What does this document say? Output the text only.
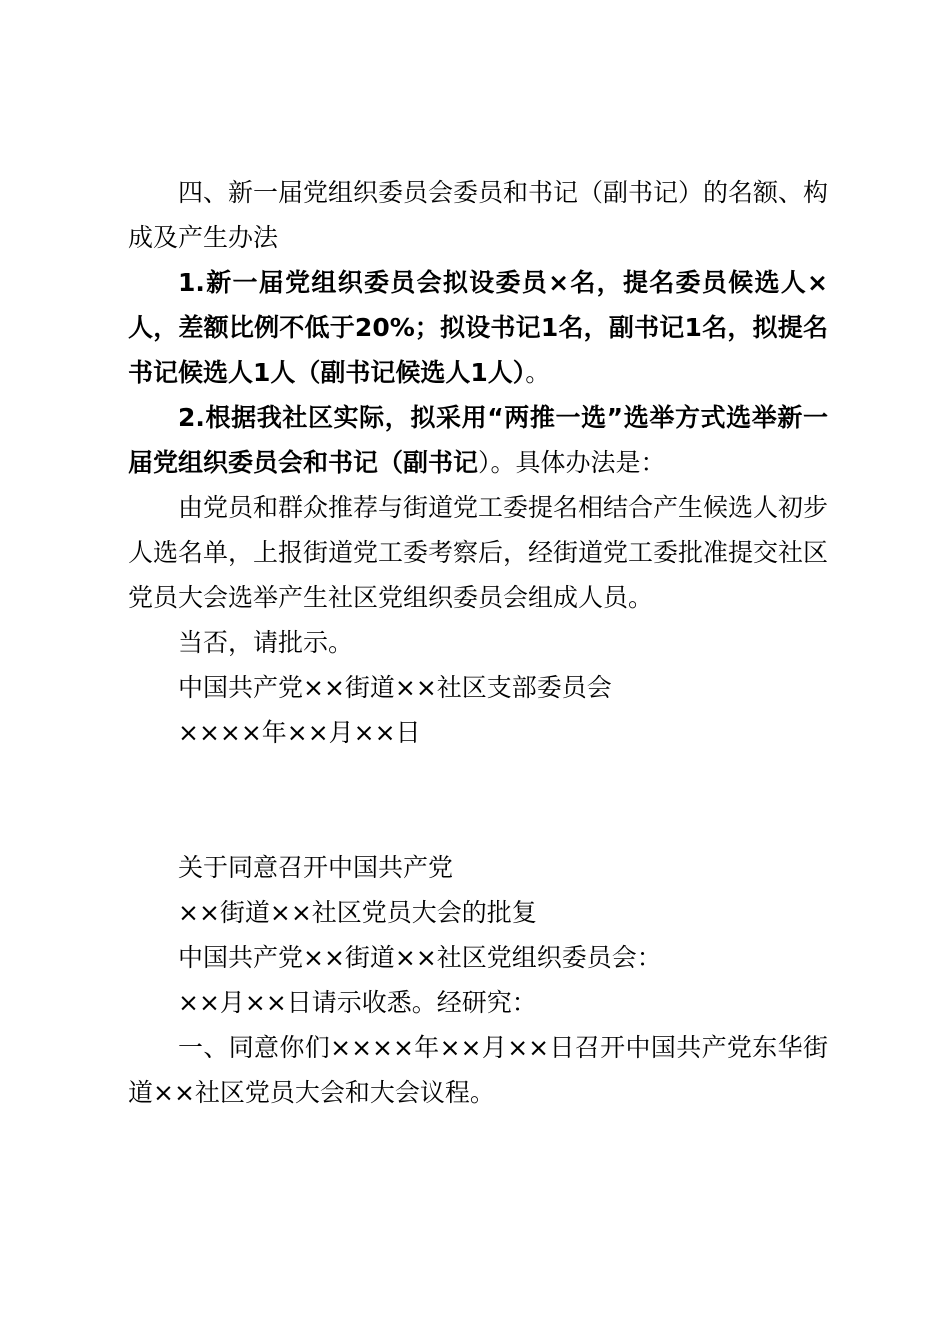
四、新一届党组织委员会委员和书记（副书记）的名额、构成及产生办法

1.新一届党组织委员会拟设委员×名，提名委员候选人×人，差额比例不低于20%；拟设书记1名，副书记1名，拟提名书记候选人1人（副书记候选人1人）。

2.根据我社区实际，拟采用“两推一选”选举方式选举新一届党组织委员会和书记（副书记）。具体办法是：

由党员和群众推荐与街道党工委提名相结合产生候选人初步人选名单，上报街道党工委考察后，经街道党工委批准提交社区党员大会选举产生社区党组织委员会组成人员。

当否，请批示。

中国共产党××街道××社区支部委员会

××××年××月××日

关于同意召开中国共产党

××街道××社区党员大会的批复

中国共产党××街道××社区党组织委员会：

××月××日请示收悉。经研究：

一、同意你们××××年××月××日召开中国共产党东华街道××社区党员大会和大会议程。
